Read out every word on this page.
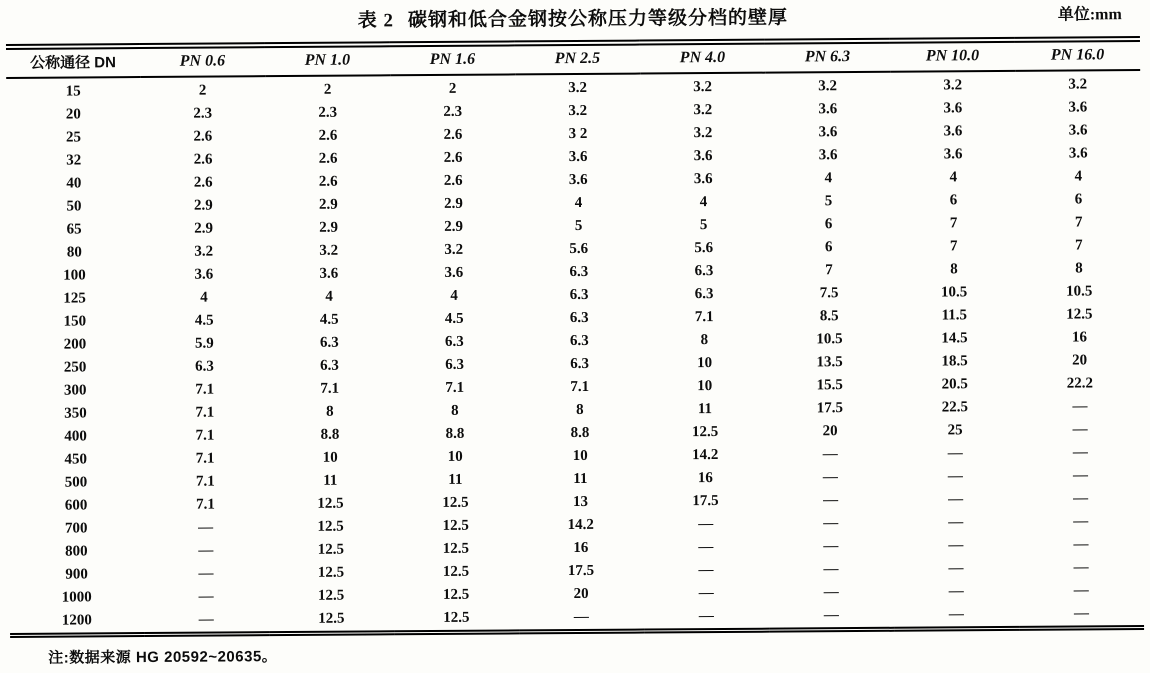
表 2 碳钢和低合金钢按公称压力等级分档的壁厚	单位:mm
公称通径 DN	PN 0.6	PN 1.0	PN 1.6	PN 2.5	PN 4.0	PN 6.3	PN 10.0	PN 16.0
15	2	2	2	3.2	3.2	3.2	3.2	3.2
20	2.3	2.3	2.3	3.2	3.2	3.6	3.6	3.6
25	2.6	2.6	2.6	3 2	3.2	3.6	3.6	3.6
32	2.6	2.6	2.6	3.6	3.6	3.6	3.6	3.6
40	2.6	2.6	2.6	3.6	3.6	4	4	4
50	2.9	2.9	2.9	4	4	5	6	6
65	2.9	2.9	2.9	5	5	6	7	7
80	3.2	3.2	3.2	5.6	5.6	6	7	7
100	3.6	3.6	3.6	6.3	6.3	7	8	8
125	4	4	4	6.3	6.3	7.5	10.5	10.5
150	4.5	4.5	4.5	6.3	7.1	8.5	11.5	12.5
200	5.9	6.3	6.3	6.3	8	10.5	14.5	16
250	6.3	6.3	6.3	6.3	10	13.5	18.5	20
300	7.1	7.1	7.1	7.1	10	15.5	20.5	22.2
350	7.1	8	8	8	11	17.5	22.5	—
400	7.1	8.8	8.8	8.8	12.5	20	25	—
450	7.1	10	10	10	14.2	—	—	—
500	7.1	11	11	11	16	—	—	—
600	7.1	12.5	12.5	13	17.5	—	—	—
700	—	12.5	12.5	14.2	—	—	—	—
800	—	12.5	12.5	16	—	—	—	—
900	—	12.5	12.5	17.5	—	—	—	—
1000	—	12.5	12.5	20	—	—	—	—
1200	—	12.5	12.5	—	—	—	—	—
注:数据来源 HG 20592~20635。
